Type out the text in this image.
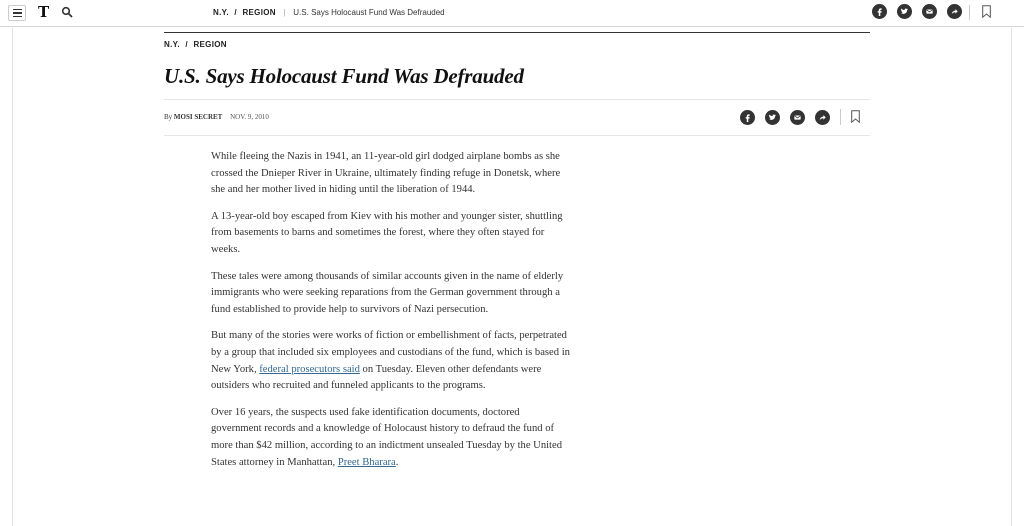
T	N.Y. / REGION | U.S. Says Holocaust Fund Was Defrauded
N.Y. / REGION
U.S. Says Holocaust Fund Was Defrauded
By MOSI SECRET NOV. 9, 2010

While fleeing the Nazis in 1941, an 11-year-old girl dodged airplane bombs as she crossed the Dnieper River in Ukraine, ultimately finding refuge in Donetsk, where she and her mother lived in hiding until the liberation of 1944.

A 13-year-old boy escaped from Kiev with his mother and younger sister, shuttling from basements to barns and sometimes the forest, where they often stayed for weeks.

These tales were among thousands of similar accounts given in the name of elderly immigrants who were seeking reparations from the German government through a fund established to provide help to survivors of Nazi persecution.

But many of the stories were works of fiction or embellishment of facts, perpetrated by a group that included six employees and custodians of the fund, which is based in New York, federal prosecutors said on Tuesday. Eleven other defendants were outsiders who recruited and funneled applicants to the programs.

Over 16 years, the suspects used fake identification documents, doctored government records and a knowledge of Holocaust history to defraud the fund of more than $42 million, according to an indictment unsealed Tuesday by the United States attorney in Manhattan, Preet Bharara.
